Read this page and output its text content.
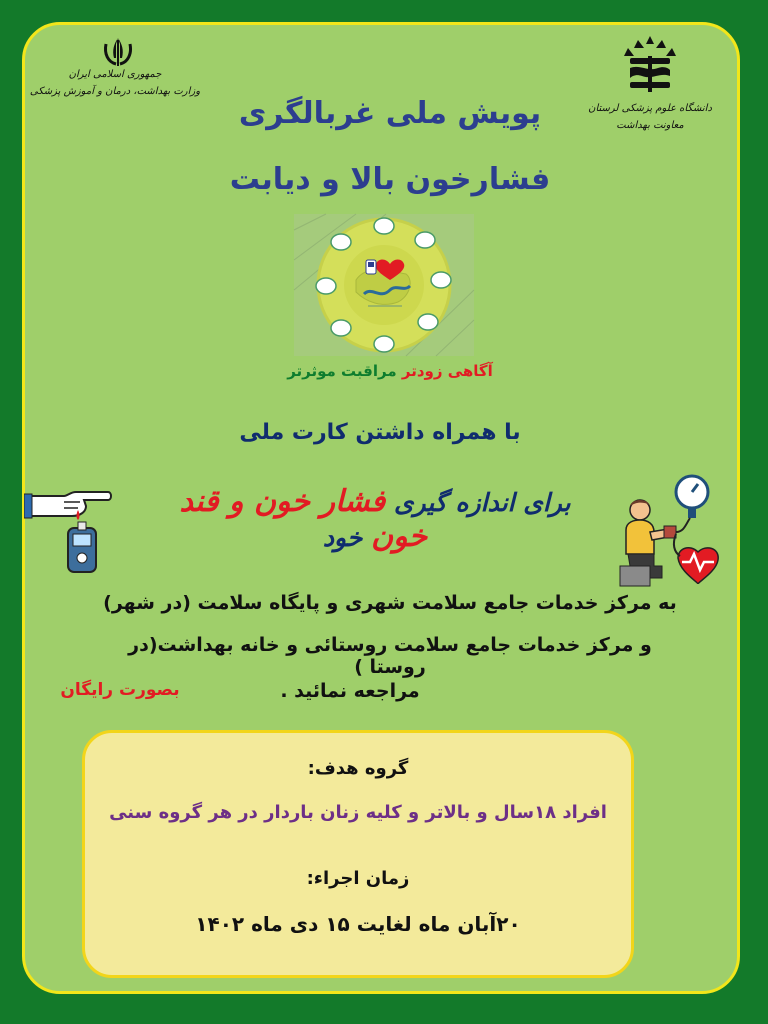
جمهوری اسلامی ایران
وزارت بهداشت، درمان و آموزش پزشکی
دانشگاه علوم پزشکی لرستان
معاونت بهداشت
پویش ملی غربالگری
فشارخون بالا و دیابت
آگاهی زودتر مراقبت موثرتر
با همراه داشتن کارت ملی
برای اندازه گیری فشار خون و قند خون خود
به مرکز خدمات جامع سلامت شهری و پایگاه سلامت (در شهر)
و مرکز خدمات جامع سلامت روستائی و خانه بهداشت(در روستا )
مراجعه نمائید .
بصورت رایگان
گروه هدف:
افراد ۱۸سال و بالاتر و کلیه زنان باردار در هر گروه سنی
زمان اجراء:
۲۰آبان ماه لغایت ۱۵ دی ماه ۱۴۰۲
